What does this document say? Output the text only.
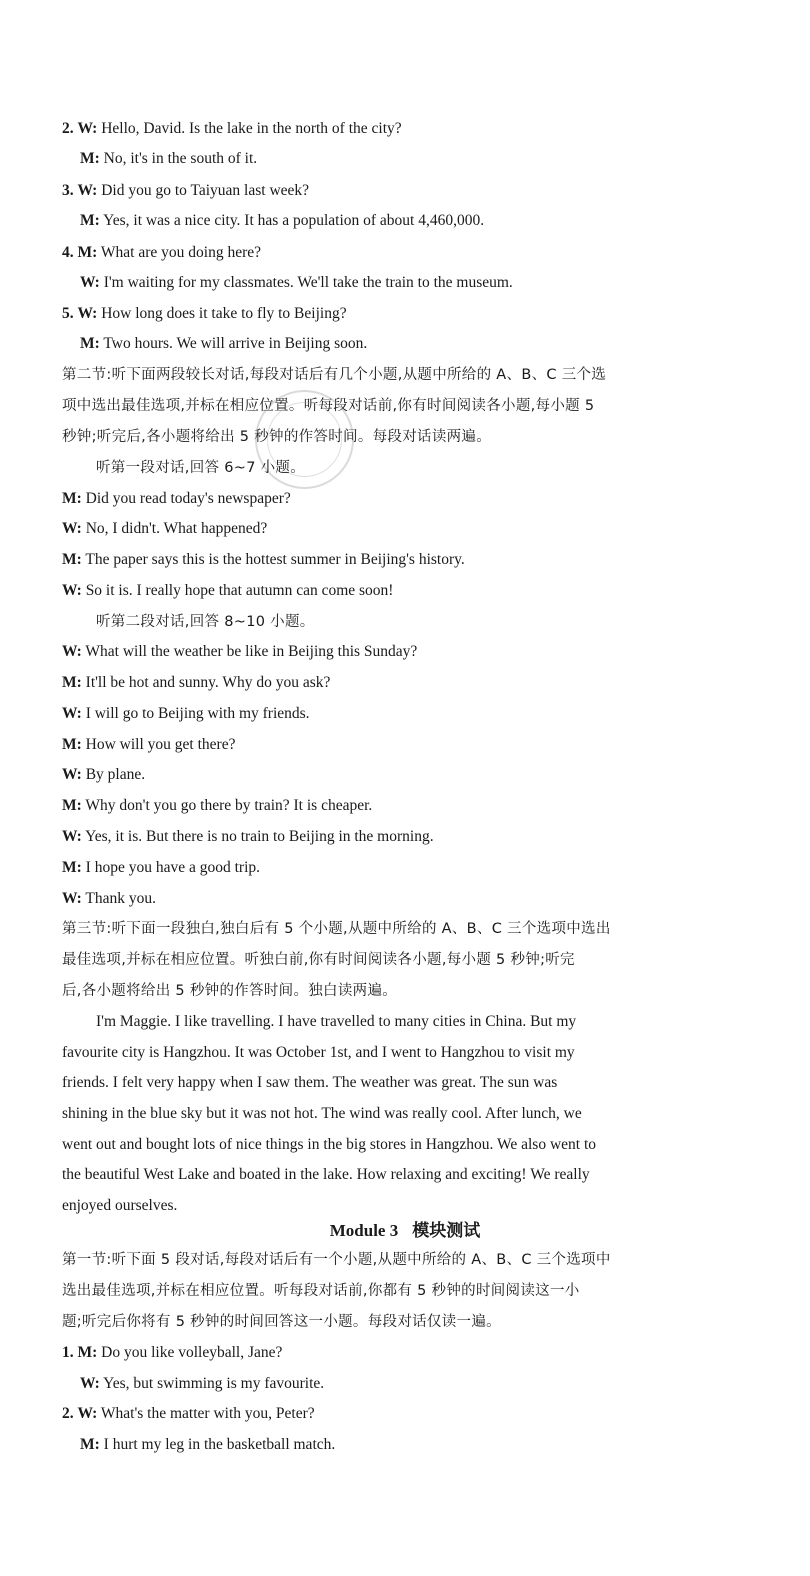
2. W: Hello, David. Is the lake in the north of the city?
M: No, it's in the south of it.
3. W: Did you go to Taiyuan last week?
M: Yes, it was a nice city. It has a population of about 4,460,000.
4. M: What are you doing here?
W: I'm waiting for my classmates. We'll take the train to the museum.
5. W: How long does it take to fly to Beijing?
M: Two hours. We will arrive in Beijing soon.
第二节:听下面两段较长对话,每段对话后有几个小题,从题中所给的 A、B、C 三个选
项中选出最佳选项,并标在相应位置。听每段对话前,你有时间阅读各小题,每小题 5
秒钟;听完后,各小题将给出 5 秒钟的作答时间。每段对话读两遍。
听第一段对话,回答 6~7 小题。
M: Did you read today's newspaper?
W: No, I didn't. What happened?
M: The paper says this is the hottest summer in Beijing's history.
W: So it is. I really hope that autumn can come soon!
听第二段对话,回答 8~10 小题。
W: What will the weather be like in Beijing this Sunday?
M: It'll be hot and sunny. Why do you ask?
W: I will go to Beijing with my friends.
M: How will you get there?
W: By plane.
M: Why don't you go there by train? It is cheaper.
W: Yes, it is. But there is no train to Beijing in the morning.
M: I hope you have a good trip.
W: Thank you.
第三节:听下面一段独白,独白后有 5 个小题,从题中所给的 A、B、C 三个选项中选出
最佳选项,并标在相应位置。听独白前,你有时间阅读各小题,每小题 5 秒钟;听完
后,各小题将给出 5 秒钟的作答时间。独白读两遍。
I'm Maggie. I like travelling. I have travelled to many cities in China. But my
favourite city is Hangzhou. It was October 1st, and I went to Hangzhou to visit my
friends. I felt very happy when I saw them. The weather was great. The sun was
shining in the blue sky but it was not hot. The wind was really cool. After lunch, we
went out and bought lots of nice things in the big stores in Hangzhou. We also went to
the beautiful West Lake and boated in the lake. How relaxing and exciting! We really
enjoyed ourselves.
Module 3 模块测试
第一节:听下面 5 段对话,每段对话后有一个小题,从题中所给的 A、B、C 三个选项中
选出最佳选项,并标在相应位置。听每段对话前,你都有 5 秒钟的时间阅读这一小
题;听完后你将有 5 秒钟的时间回答这一小题。每段对话仅读一遍。
1. M: Do you like volleyball, Jane?
W: Yes, but swimming is my favourite.
2. W: What's the matter with you, Peter?
M: I hurt my leg in the basketball match.
